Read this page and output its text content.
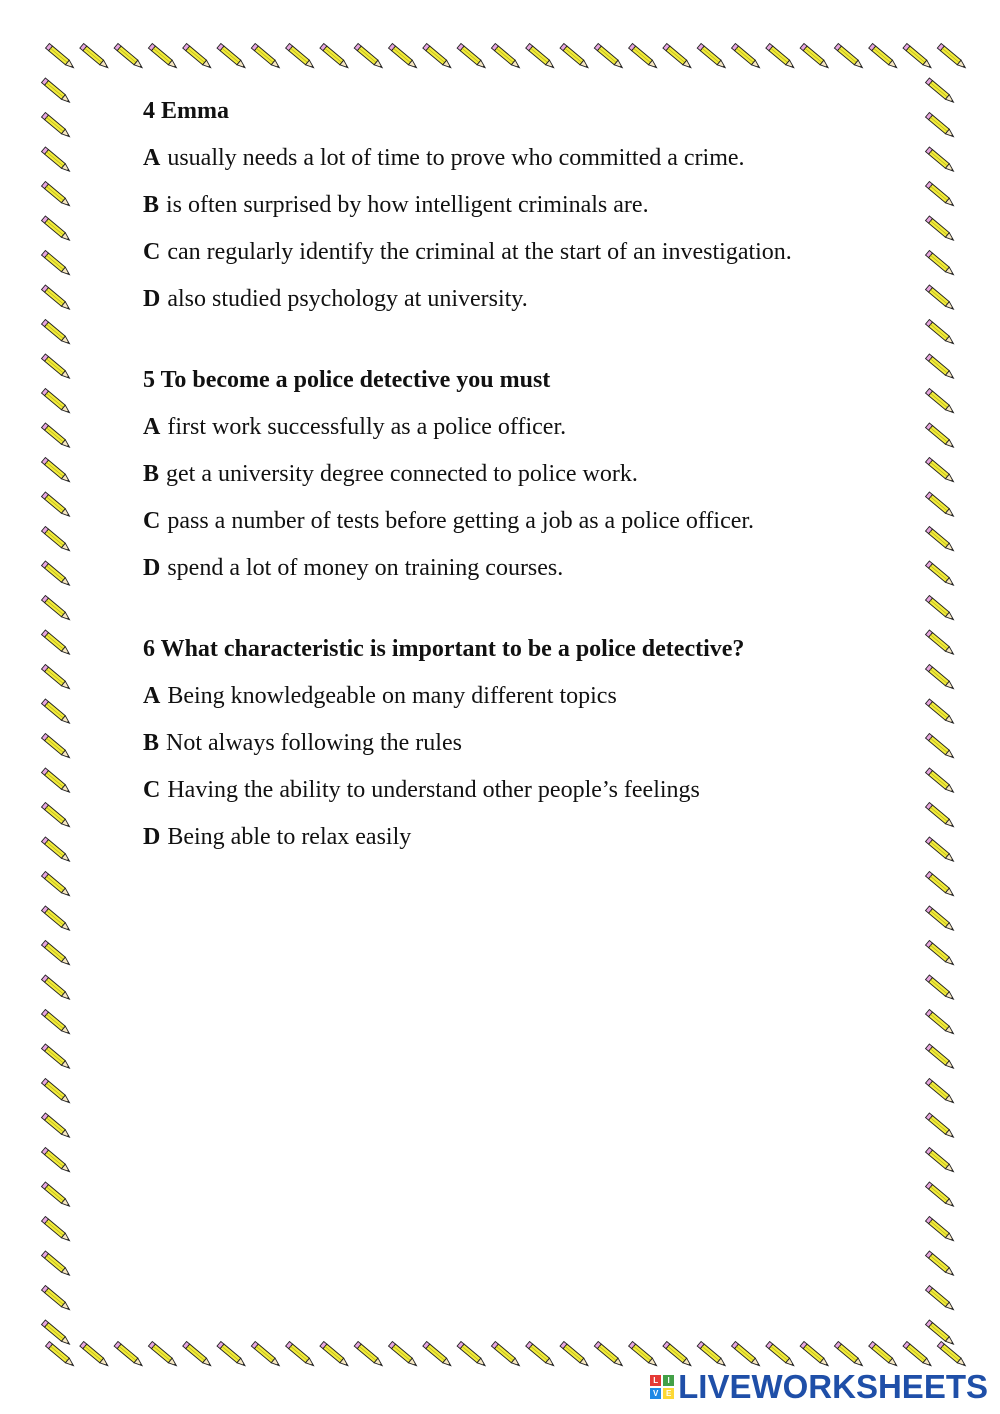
4 Emma
A usually needs a lot of time to prove who committed a crime.
B is often surprised by how intelligent criminals are.
C can regularly identify the criminal at the start of an investigation.
D also studied psychology at university.
5 To become a police detective you must
A first work successfully as a police officer.
B get a university degree connected to police work.
C pass a number of tests before getting a job as a police officer.
D spend a lot of money on training courses.
6 What characteristic is important to be a police detective?
A Being knowledgeable on many different topics
B Not always following the rules
C Having the ability to understand other people’s feelings
D Being able to relax easily
L	I
V E LIVEWORKSHEETS
